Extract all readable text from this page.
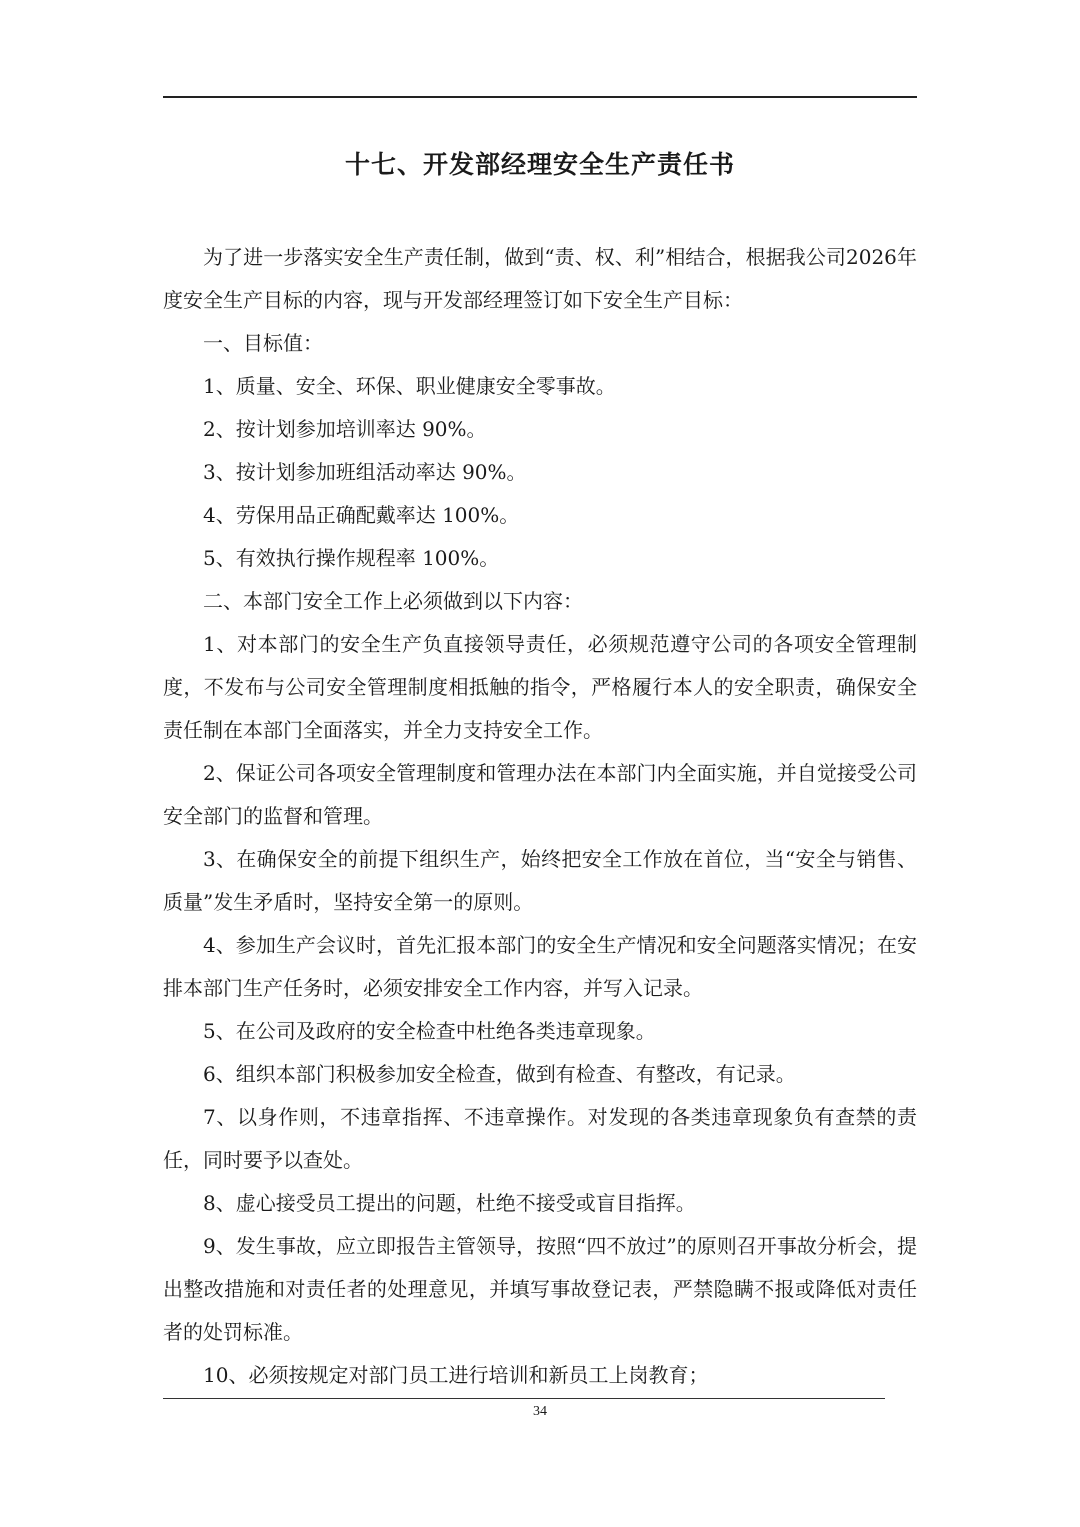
十七、开发部经理安全生产责任书

为了进一步落实安全生产责任制，做到“责、权、利”相结合，根据我公司2026年度安全生产目标的内容，现与开发部经理签订如下安全生产目标：

一、目标值：

1、质量、安全、环保、职业健康安全零事故。

2、按计划参加培训率达 90%。

3、按计划参加班组活动率达 90%。

4、劳保用品正确配戴率达 100%。

5、有效执行操作规程率 100%。

二、本部门安全工作上必须做到以下内容：

1、对本部门的安全生产负直接领导责任，必须规范遵守公司的各项安全管理制度，不发布与公司安全管理制度相抵触的指令，严格履行本人的安全职责，确保安全责任制在本部门全面落实，并全力支持安全工作。

2、保证公司各项安全管理制度和管理办法在本部门内全面实施，并自觉接受公司安全部门的监督和管理。

3、在确保安全的前提下组织生产，始终把安全工作放在首位，当“安全与销售、质量”发生矛盾时，坚持安全第一的原则。

4、参加生产会议时，首先汇报本部门的安全生产情况和安全问题落实情况；在安排本部门生产任务时，必须安排安全工作内容，并写入记录。

5、在公司及政府的安全检查中杜绝各类违章现象。

6、组织本部门积极参加安全检查，做到有检查、有整改，有记录。

7、以身作则，不违章指挥、不违章操作。对发现的各类违章现象负有查禁的责任，同时要予以查处。

8、虚心接受员工提出的问题，杜绝不接受或盲目指挥。

9、发生事故，应立即报告主管领导，按照“四不放过”的原则召开事故分析会，提出整改措施和对责任者的处理意见，并填写事故登记表，严禁隐瞒不报或降低对责任者的处罚标准。

10、必须按规定对部门员工进行培训和新员工上岗教育；

34
